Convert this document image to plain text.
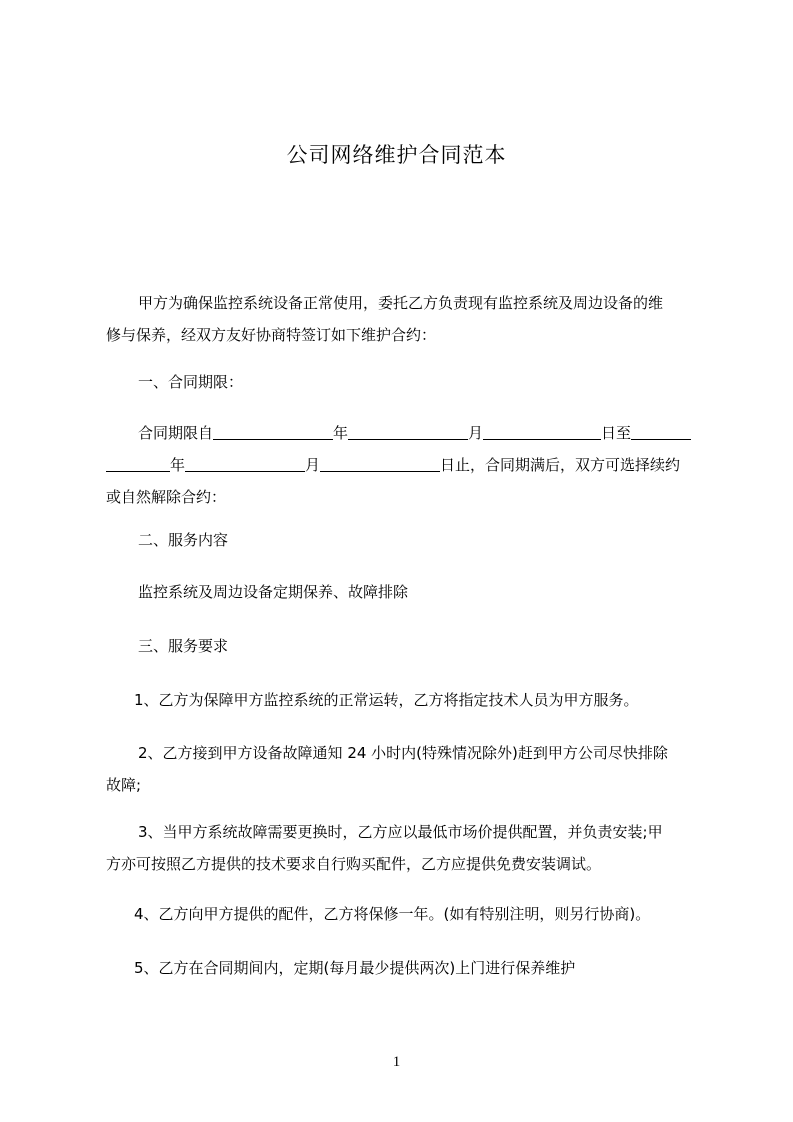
公司网络维护合同范本
甲方为确保监控系统设备正常使用，委托乙方负责现有监控系统及周边设备的维
修与保养，经双方友好协商特签订如下维护合约：
一、合同期限：
合同期限自	年	月	日至
年	月	日止，合同期满后，双方可选择续约
或自然解除合约：
二、服务内容
监控系统及周边设备定期保养、故障排除
三、服务要求
1、乙方为保障甲方监控系统的正常运转，乙方将指定技术人员为甲方服务。
2、乙方接到甲方设备故障通知 24 小时内(特殊情况除外)赶到甲方公司尽快排除
故障;
3、当甲方系统故障需要更换时，乙方应以最低市场价提供配置，并负责安装;甲
方亦可按照乙方提供的技术要求自行购买配件，乙方应提供免费安装调试。
4、乙方向甲方提供的配件，乙方将保修一年。(如有特别注明，则另行协商)。
5、乙方在合同期间内，定期(每月最少提供两次)上门进行保养维护
1
